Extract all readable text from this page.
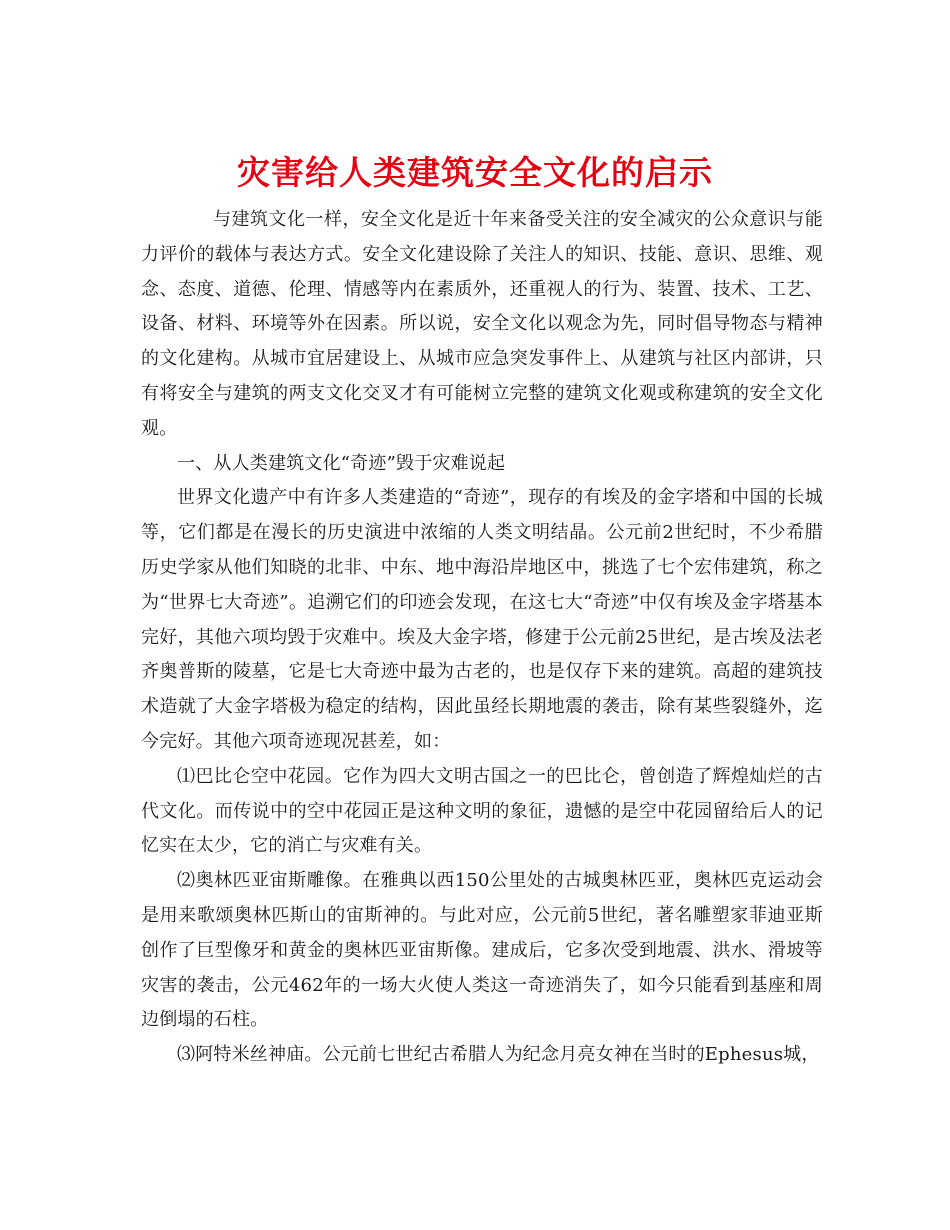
灾害给人类建筑安全文化的启示

与建筑文化一样，安全文化是近十年来备受关注的安全减灾的公众意识与能力评价的载体与表达方式。安全文化建设除了关注人的知识、技能、意识、思维、观念、态度、道德、伦理、情感等内在素质外，还重视人的行为、装置、技术、工艺、设备、材料、环境等外在因素。所以说，安全文化以观念为先，同时倡导物态与精神的文化建构。从城市宜居建设上、从城市应急突发事件上、从建筑与社区内部讲，只有将安全与建筑的两支文化交叉才有可能树立完整的建筑文化观或称建筑的安全文化观。

一、从人类建筑文化“奇迹”毁于灾难说起

世界文化遗产中有许多人类建造的“奇迹”，现存的有埃及的金字塔和中国的长城等，它们都是在漫长的历史演进中浓缩的人类文明结晶。公元前2世纪时，不少希腊历史学家从他们知晓的北非、中东、地中海沿岸地区中，挑选了七个宏伟建筑，称之为“世界七大奇迹”。追溯它们的印迹会发现，在这七大“奇迹”中仅有埃及金字塔基本完好，其他六项均毁于灾难中。埃及大金字塔，修建于公元前25世纪，是古埃及法老齐奥普斯的陵墓，它是七大奇迹中最为古老的，也是仅存下来的建筑。高超的建筑技术造就了大金字塔极为稳定的结构，因此虽经长期地震的袭击，除有某些裂缝外，迄今完好。其他六项奇迹现况甚差，如：

⑴巴比仑空中花园。它作为四大文明古国之一的巴比仑，曾创造了辉煌灿烂的古代文化。而传说中的空中花园正是这种文明的象征，遗憾的是空中花园留给后人的记忆实在太少，它的消亡与灾难有关。

⑵奥林匹亚宙斯雕像。在雅典以西150公里处的古城奥林匹亚，奥林匹克运动会是用来歌颂奥林匹斯山的宙斯神的。与此对应，公元前5世纪，著名雕塑家菲迪亚斯创作了巨型像牙和黄金的奥林匹亚宙斯像。建成后，它多次受到地震、洪水、滑坡等灾害的袭击，公元462年的一场大火使人类这一奇迹消失了，如今只能看到基座和周边倒塌的石柱。

⑶阿特米丝神庙。公元前七世纪古希腊人为纪念月亮女神在当时的Ephesus城，
